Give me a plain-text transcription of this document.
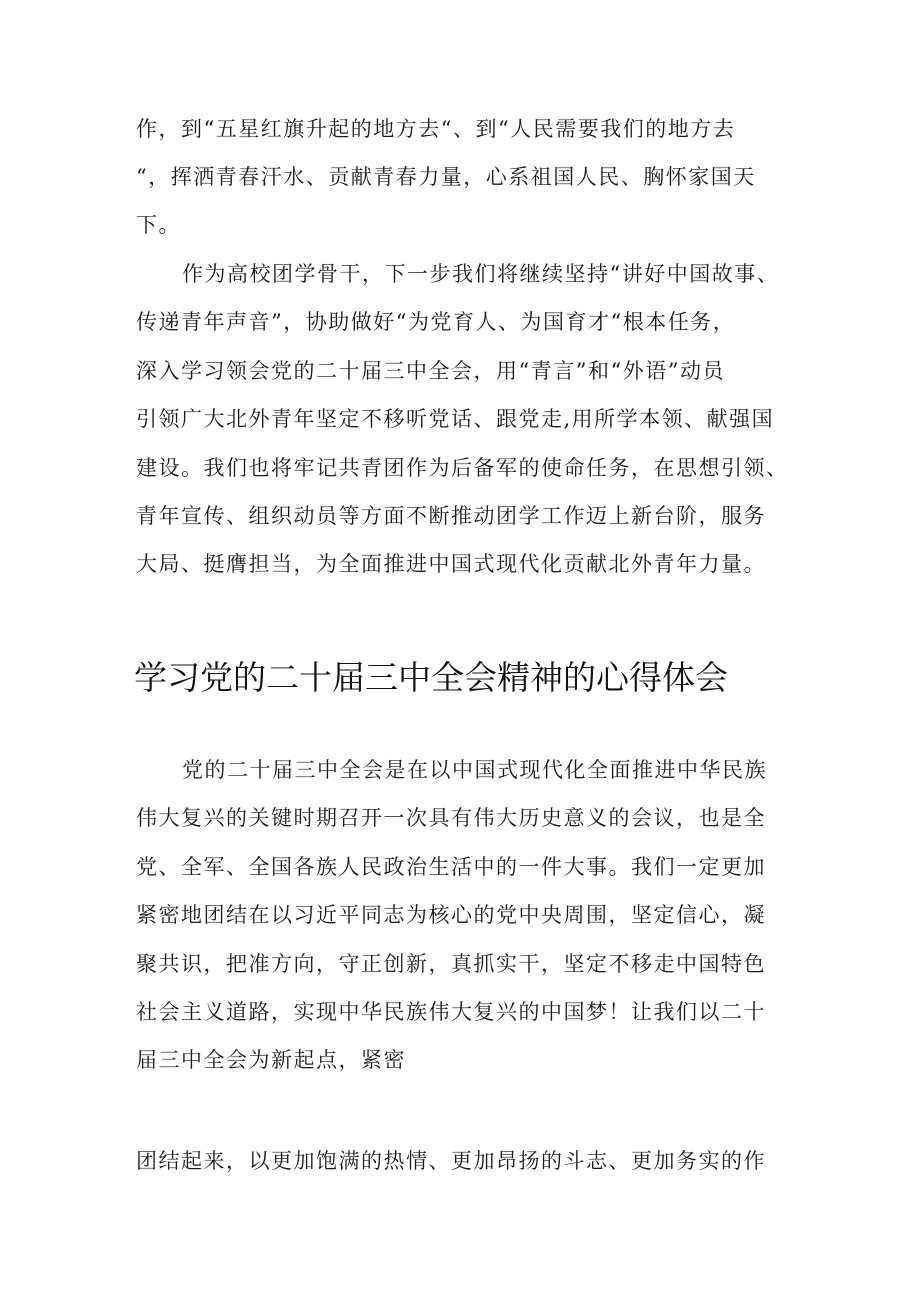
作，到“五星红旗升起的地方去“、到“人民需要我们的地方去
“，挥洒青春汗水、贡献青春力量，心系祖国人民、胸怀家国天
下。
作为高校团学骨干，下一步我们将继续坚持“讲好中国故事、
传递青年声音”，协助做好“为党育人、为国育才“根本任务，
深入学习领会党的二十届三中全会，用“青言”和“外语”动员
引领广大北外青年坚定不移听党话、跟党走,用所学本领、献强国
建设。我们也将牢记共青团作为后备军的使命任务，在思想引领、
青年宣传、组织动员等方面不断推动团学工作迈上新台阶，服务
大局、挺膺担当，为全面推进中国式现代化贡献北外青年力量。
学习党的二十届三中全会精神的心得体会
党的二十届三中全会是在以中国式现代化全面推进中华民族
伟大复兴的关键时期召开一次具有伟大历史意义的会议，也是全
党、全军、全国各族人民政治生活中的一件大事。我们一定更加
紧密地团结在以习近平同志为核心的党中央周围，坚定信心，凝
聚共识，把准方向，守正创新，真抓实干，坚定不移走中国特色
社会主义道路，实现中华民族伟大复兴的中国梦！让我们以二十
届三中全会为新起点，紧密
团结起来，以更加饱满的热情、更加昂扬的斗志、更加务实的作
